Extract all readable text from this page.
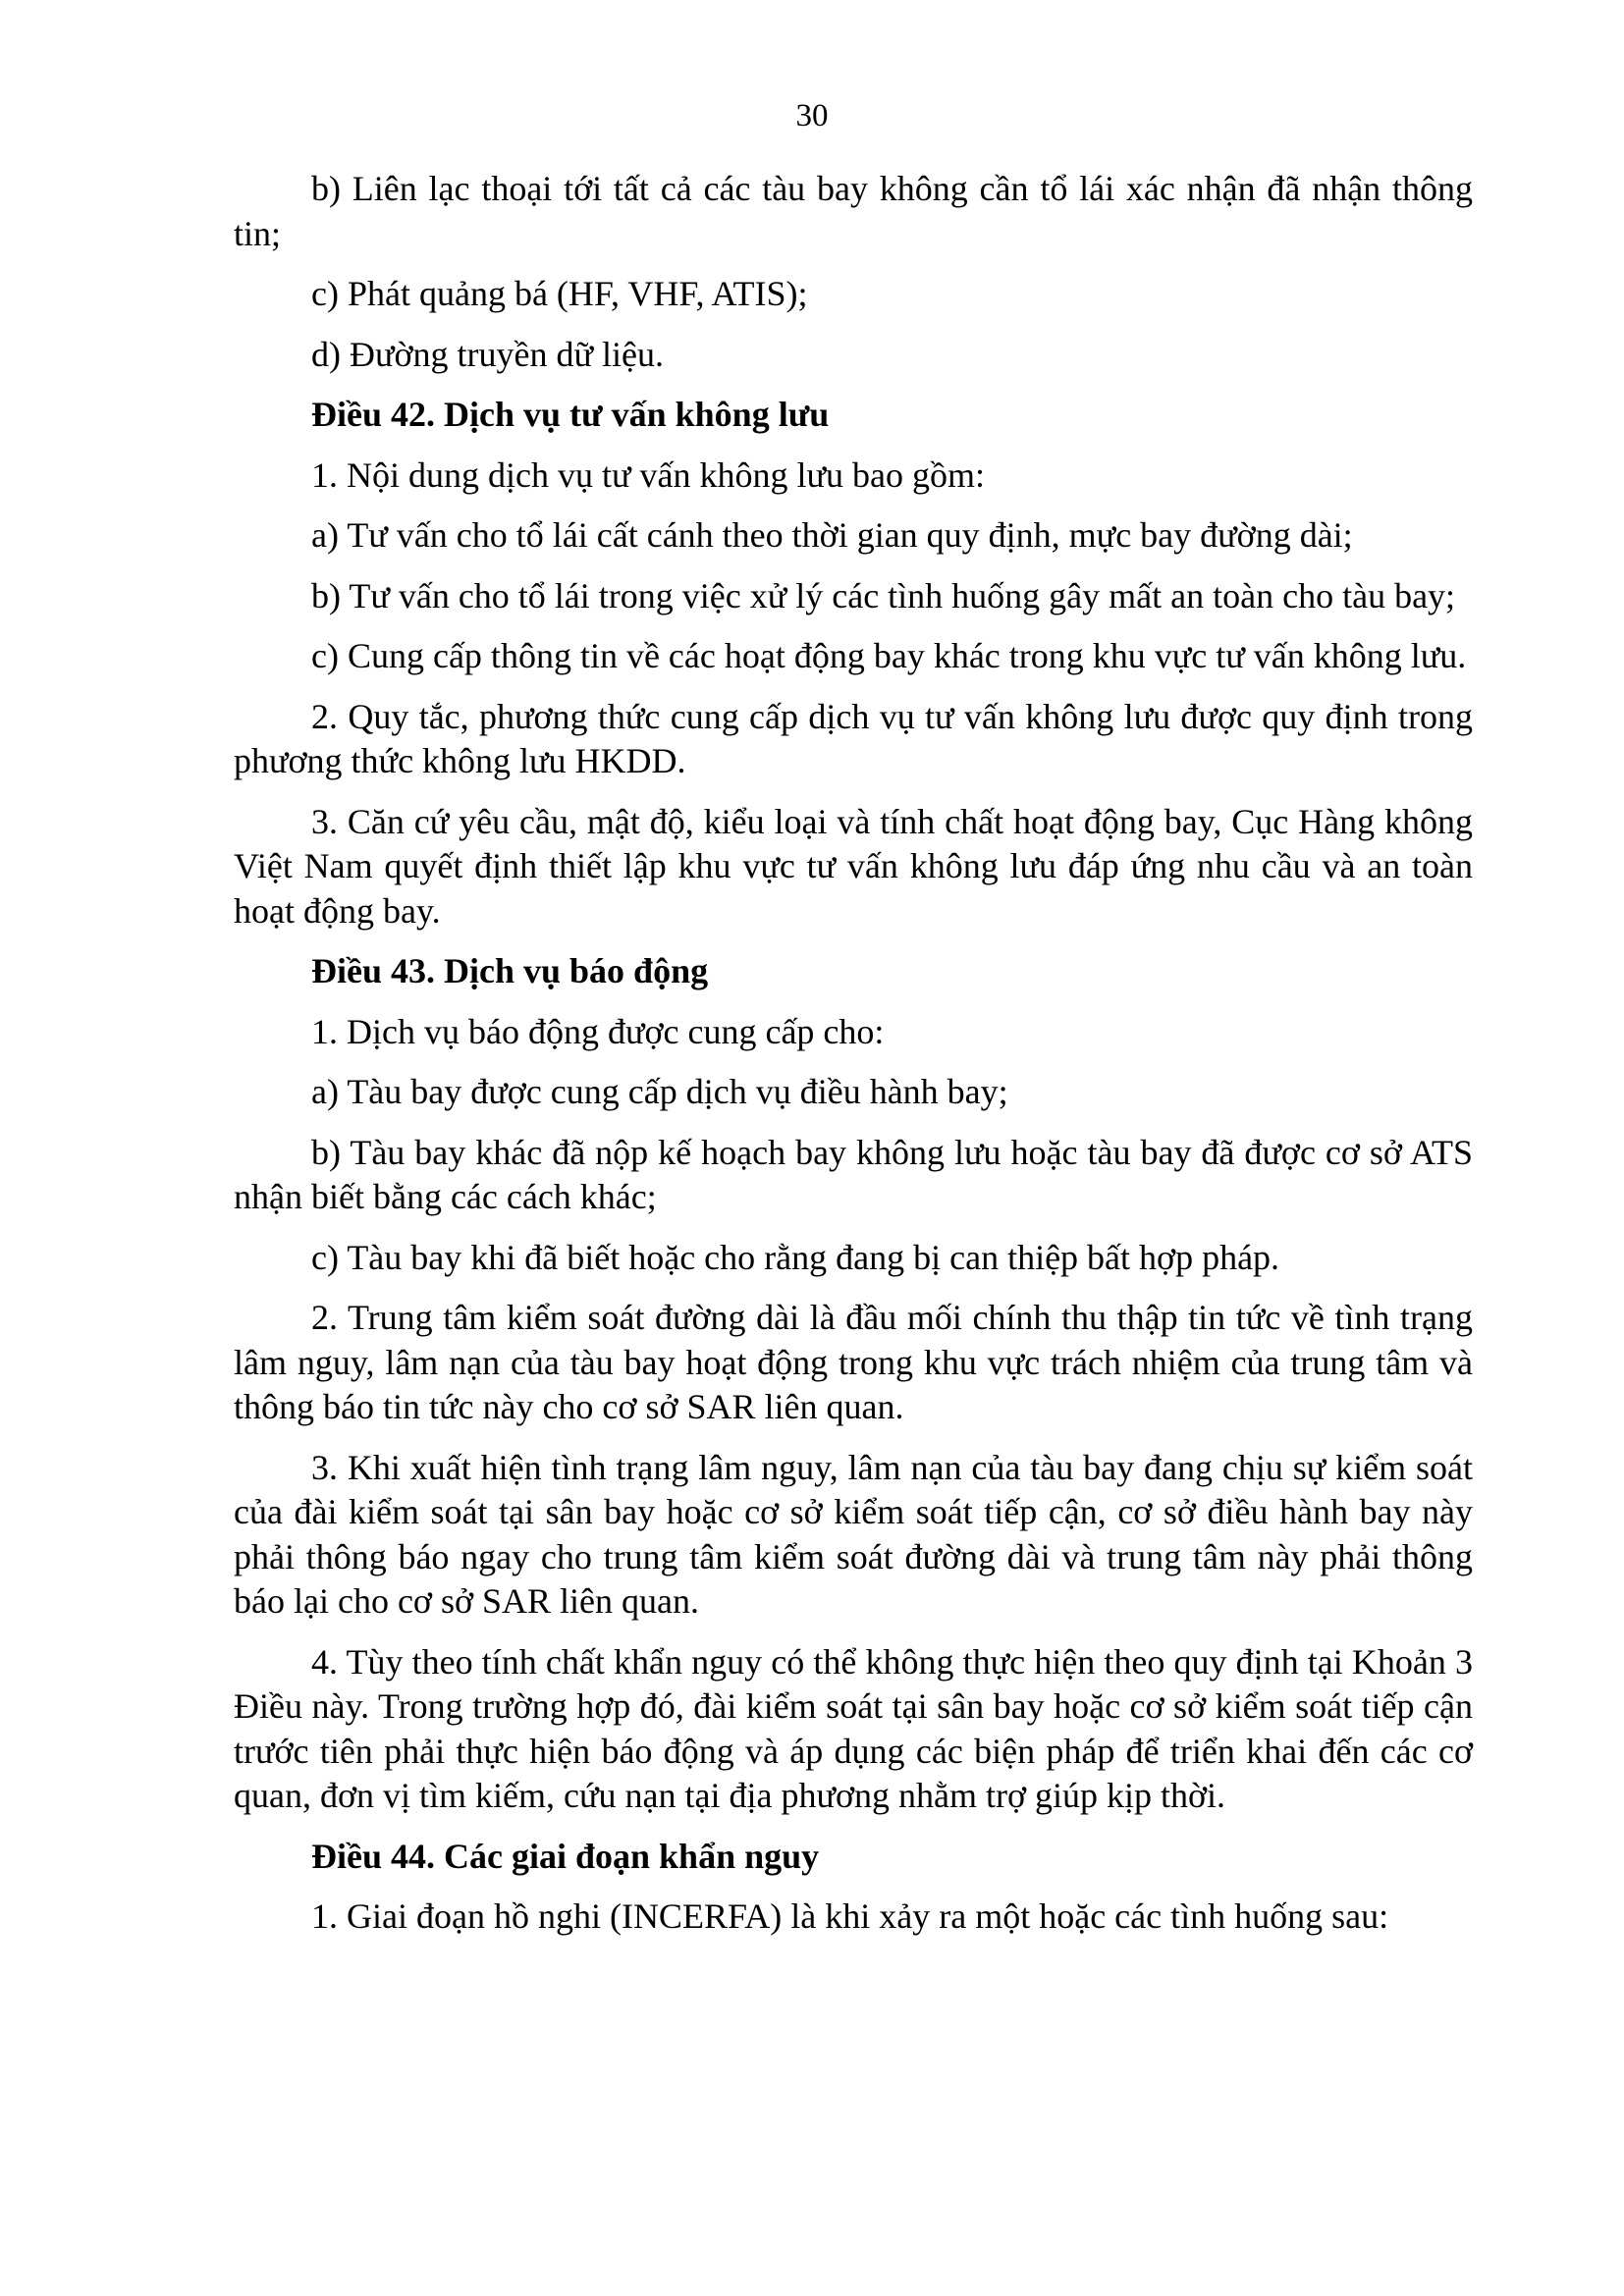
30

b) Liên lạc thoại tới tất cả các tàu bay không cần tổ lái xác nhận đã nhận thông tin;

c) Phát quảng bá (HF, VHF, ATIS);

d) Đường truyền dữ liệu.

Điều 42. Dịch vụ tư vấn không lưu

1. Nội dung dịch vụ tư vấn không lưu bao gồm:

a) Tư vấn cho tổ lái cất cánh theo thời gian quy định, mực bay đường dài;

b) Tư vấn cho tổ lái trong việc xử lý các tình huống gây mất an toàn cho tàu bay;

c) Cung cấp thông tin về các hoạt động bay khác trong khu vực tư vấn không lưu.

2. Quy tắc, phương thức cung cấp dịch vụ tư vấn không lưu được quy định trong phương thức không lưu HKDD.

3. Căn cứ yêu cầu, mật độ, kiểu loại và tính chất hoạt động bay, Cục Hàng không Việt Nam quyết định thiết lập khu vực tư vấn không lưu đáp ứng nhu cầu và an toàn hoạt động bay.

Điều 43. Dịch vụ báo động

1. Dịch vụ báo động được cung cấp cho:

a) Tàu bay được cung cấp dịch vụ điều hành bay;

b) Tàu bay khác đã nộp kế hoạch bay không lưu hoặc tàu bay đã được cơ sở ATS nhận biết bằng các cách khác;

c) Tàu bay khi đã biết hoặc cho rằng đang bị can thiệp bất hợp pháp.

2. Trung tâm kiểm soát đường dài là đầu mối chính thu thập tin tức về tình trạng lâm nguy, lâm nạn của tàu bay hoạt động trong khu vực trách nhiệm của trung tâm và thông báo tin tức này cho cơ sở SAR liên quan.

3. Khi xuất hiện tình trạng lâm nguy, lâm nạn của tàu bay đang chịu sự kiểm soát của đài kiểm soát tại sân bay hoặc cơ sở kiểm soát tiếp cận, cơ sở điều hành bay này phải thông báo ngay cho trung tâm kiểm soát đường dài và trung tâm này phải thông báo lại cho cơ sở SAR liên quan.

4. Tùy theo tính chất khẩn nguy có thể không thực hiện theo quy định tại Khoản 3 Điều này. Trong trường hợp đó, đài kiểm soát tại sân bay hoặc cơ sở kiểm soát tiếp cận trước tiên phải thực hiện báo động và áp dụng các biện pháp để triển khai đến các cơ quan, đơn vị tìm kiếm, cứu nạn tại địa phương nhằm trợ giúp kịp thời.

Điều 44. Các giai đoạn khẩn nguy

1. Giai đoạn hồ nghi (INCERFA) là khi xảy ra một hoặc các tình huống sau:
